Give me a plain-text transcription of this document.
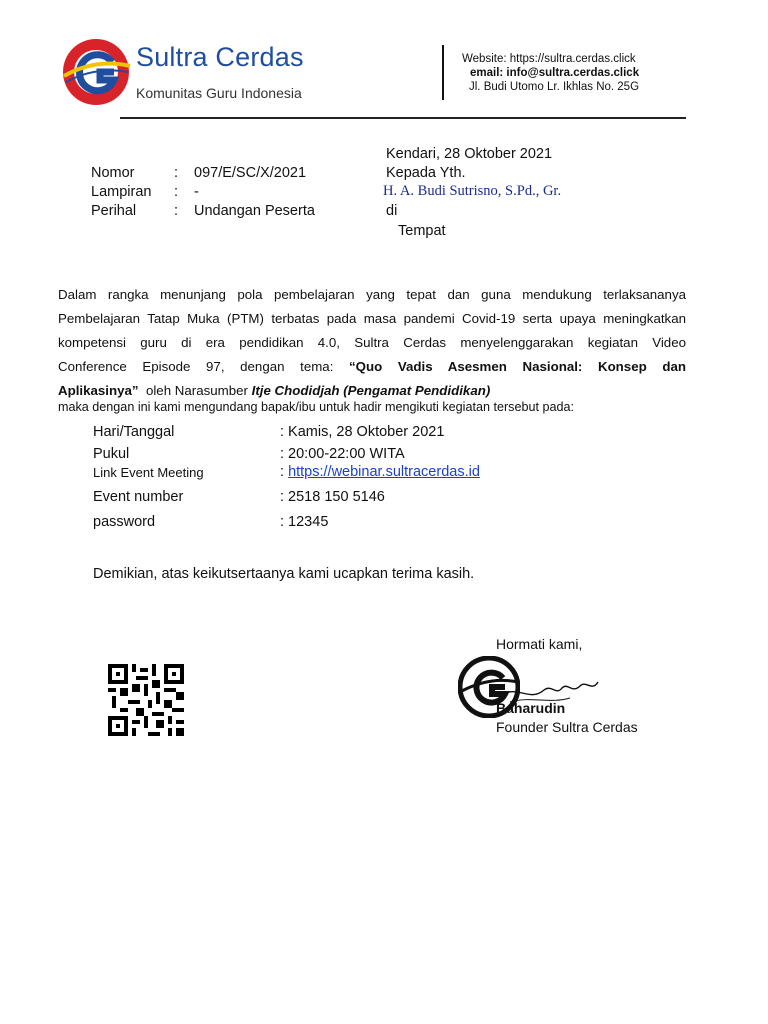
Sultra Cerdas
Komunitas Guru Indonesia
Website: https://sultra.cerdas.click
email: info@sultra.cerdas.click
Jl. Budi Utomo Lr. Ikhlas No. 25G
Kendari, 28 Oktober 2021
Kepada Yth.
H. A. Budi Sutrisno, S.Pd., Gr.
di
Tempat
Nomor	: 097/E/SC/X/2021
Lampiran : -
Perihal	: Undangan Peserta
Dalam rangka menunjang pola pembelajaran yang tepat dan guna mendukung terlaksananya
Pembelajaran Tatap Muka (PTM) terbatas pada masa pandemi Covid-19 serta upaya meningkatkan
kompetensi guru di era pendidikan 4.0, Sultra Cerdas menyelenggarakan kegiatan Video
Conference Episode 97, dengan tema: “Quo Vadis Asesmen Nasional: Konsep dan
Aplikasinya”  oleh Narasumber Itje Chodidjah (Pengamat Pendidikan)
maka dengan ini kami mengundang bapak/ibu untuk hadir mengikuti kegiatan tersebut pada:
Hari/Tanggal	: Kamis, 28 Oktober 2021
Pukul	: 20:00-22:00 WITA
Link Event Meeting	: https://webinar.sultracerdas.id
Event number	: 2518 150 5146
password	: 12345
Demikian, atas keikutsertaanya kami ucapkan terima kasih.
Hormati kami,
Baharudin
Founder Sultra Cerdas
